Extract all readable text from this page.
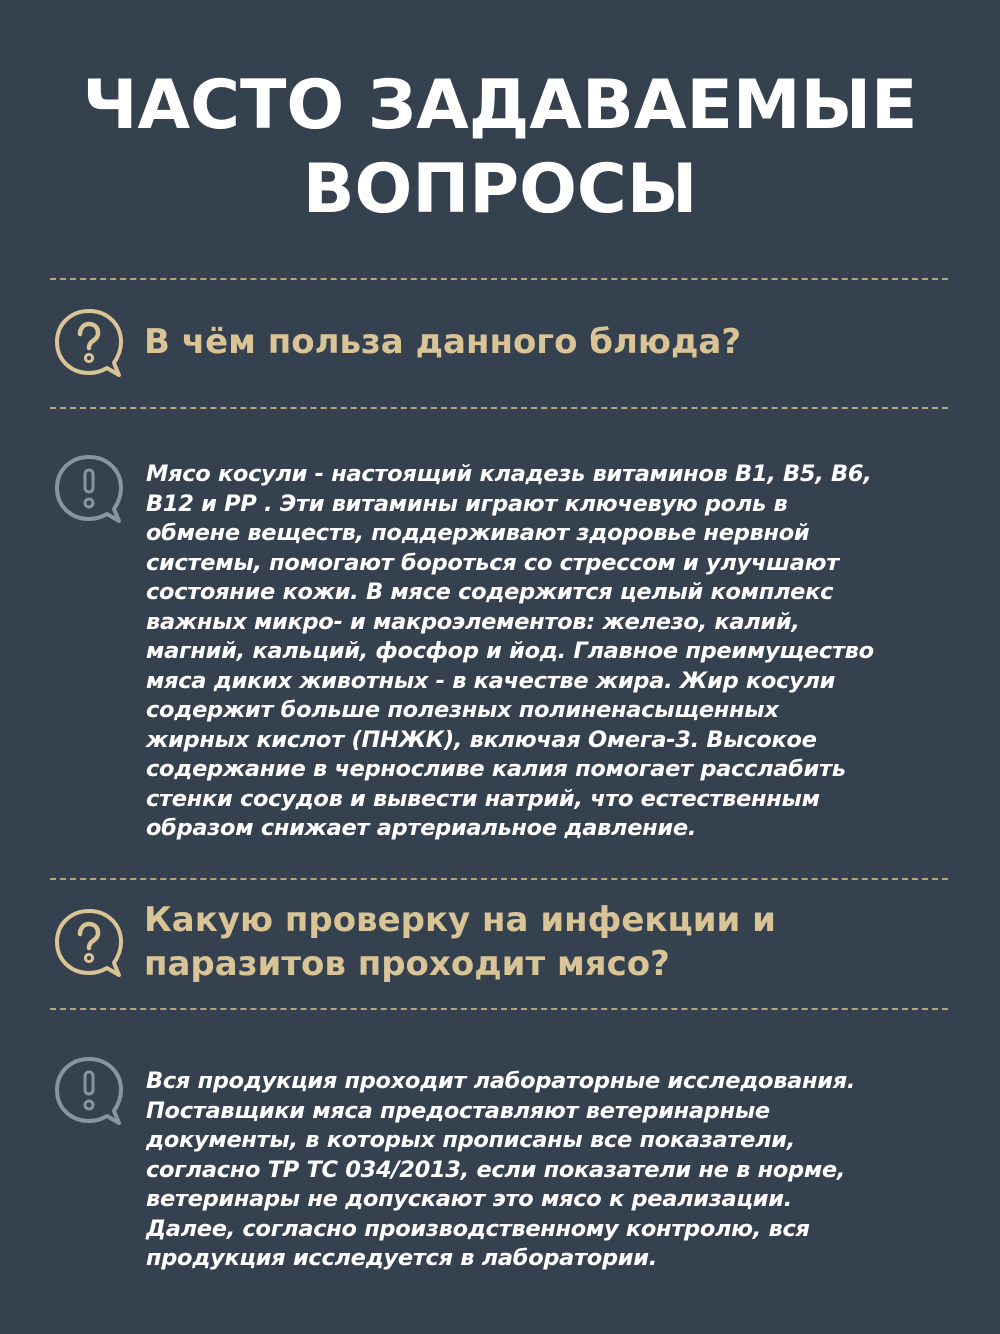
ЧАСТО ЗАДАВАЕМЫЕ
ВОПРОСЫ
В чём польза данного блюда?
Мясо косули - настоящий кладезь витаминов В1, В5, В6,
В12 и РР . Эти витамины играют ключевую роль в
обмене веществ, поддерживают здоровье нервной
системы, помогают бороться со стрессом и улучшают
состояние кожи. В мясе содержится целый комплекс
важных микро- и макроэлементов: железо, калий,
магний, кальций, фосфор и йод. Главное преимущество
мяса диких животных - в качестве жира. Жир косули
содержит больше полезных полиненасыщенных
жирных кислот (ПНЖК), включая Омега-3. Высокое
содержание в черносливе калия помогает расслабить
стенки сосудов и вывести натрий, что естественным
образом снижает артериальное давление.
Какую проверку на инфекции и
паразитов проходит мясо?
Вся продукция проходит лабораторные исследования.
Поставщики мяса предоставляют ветеринарные
документы, в которых прописаны все показатели,
согласно ТР ТС 034/2013, если показатели не в норме,
ветеринары не допускают это мясо к реализации.
Далее, согласно производственному контролю, вся
продукция исследуется в лаборатории.
